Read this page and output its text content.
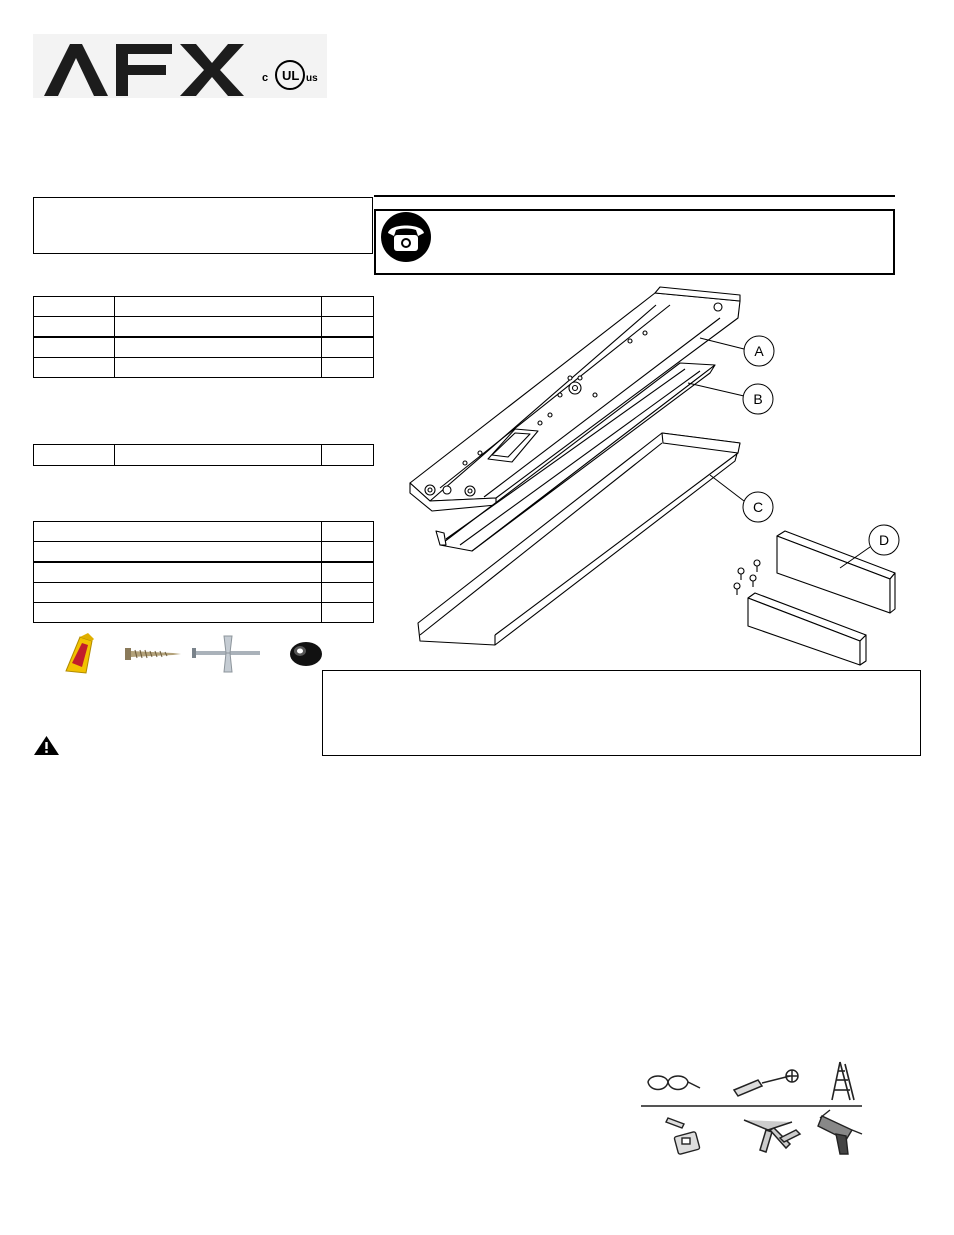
c UL us

A
B
C
D
